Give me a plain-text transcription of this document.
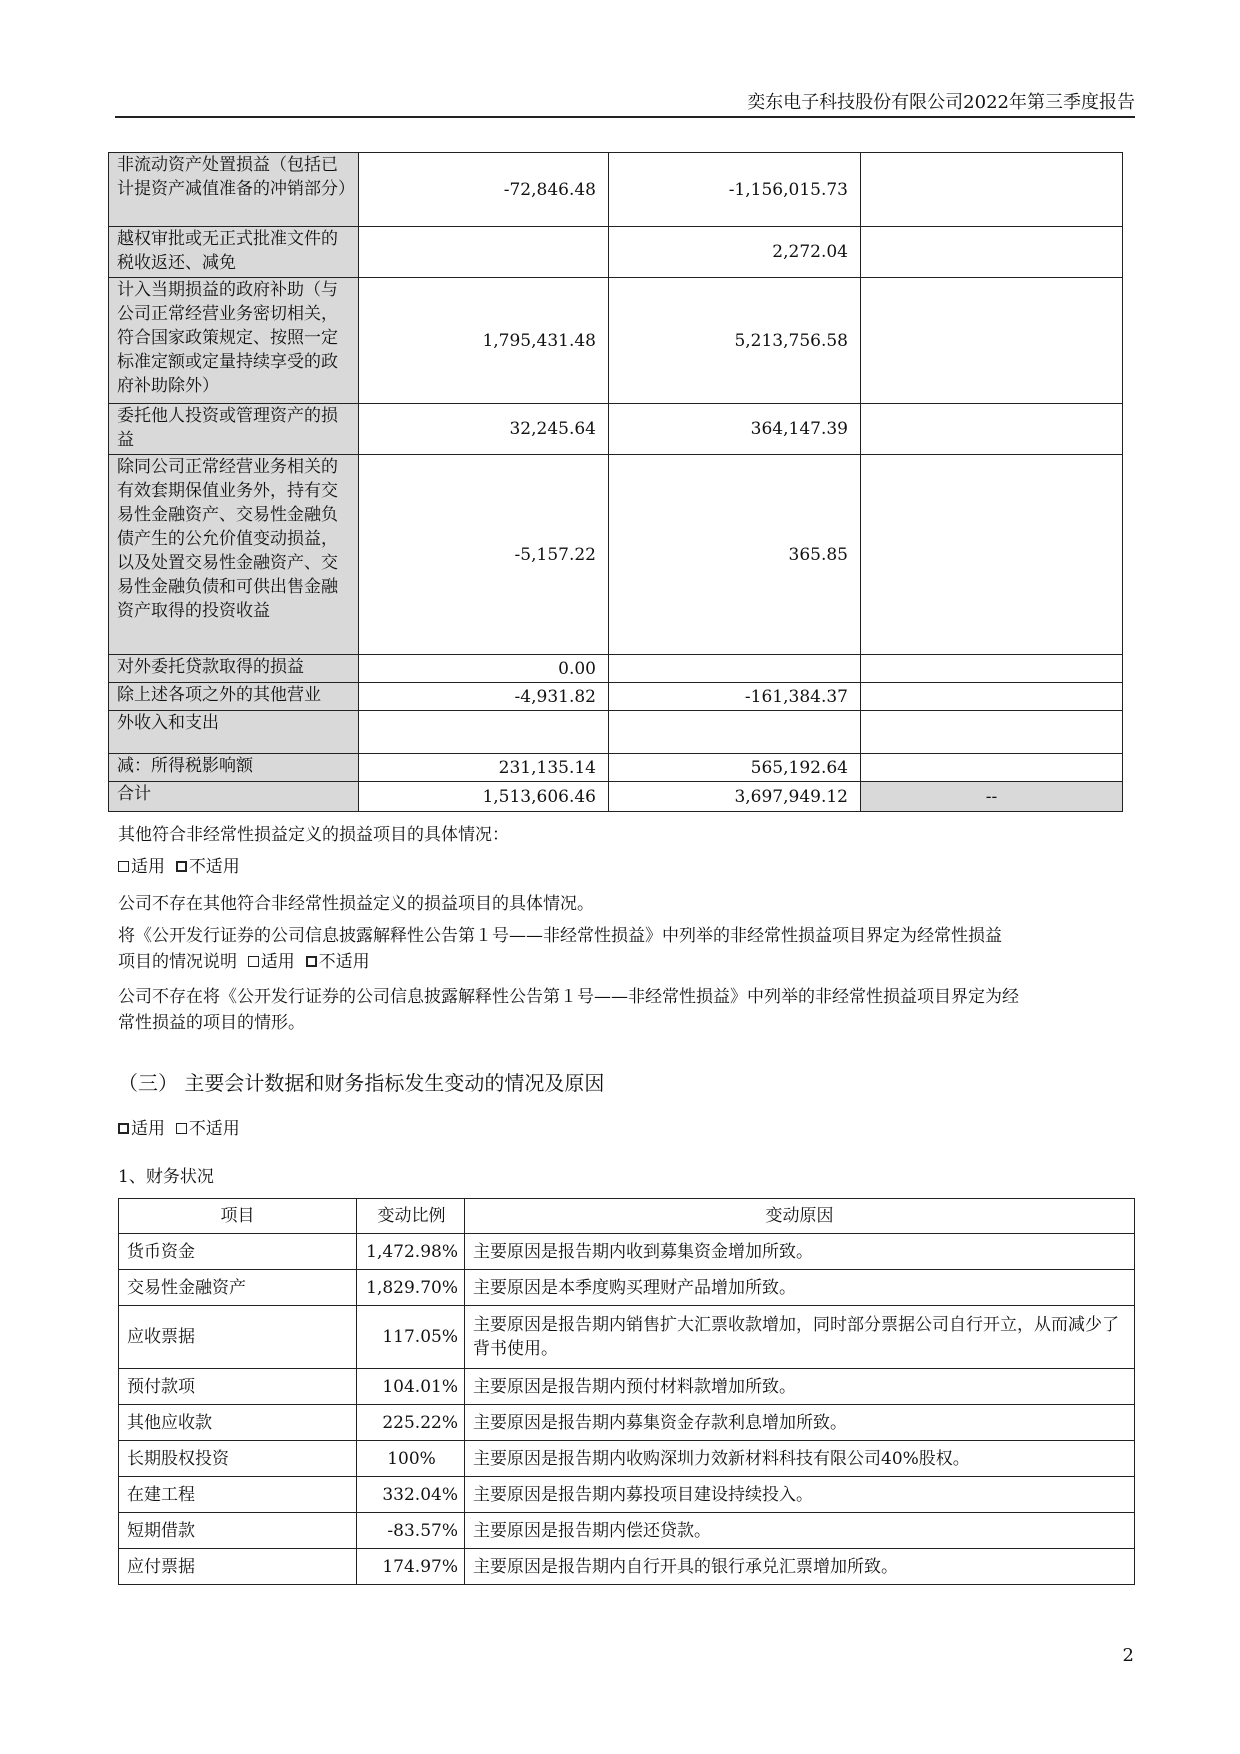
奕东电子科技股份有限公司2022年第三季度报告
非流动资产处置损益（包括已计提资产减值准备的冲销部分）	-72,846.48	-1,156,015.73	
越权审批或无正式批准文件的税收返还、减免		2,272.04	
计入当期损益的政府补助（与公司正常经营业务密切相关，符合国家政策规定、按照一定标准定额或定量持续享受的政府补助除外）	1,795,431.48	5,213,756.58	
委托他人投资或管理资产的损益	32,245.64	364,147.39	
除同公司正常经营业务相关的有效套期保值业务外，持有交易性金融资产、交易性金融负债产生的公允价值变动损益，以及处置交易性金融资产、交易性金融负债和可供出售金融资产取得的投资收益	-5,157.22	365.85	
对外委托贷款取得的损益	0.00		
除上述各项之外的其他营业	-4,931.82	-161,384.37	
外收入和支出			
减：所得税影响额	231,135.14	565,192.64	
合计	1,513,606.46	3,697,949.12	--
其他符合非经常性损益定义的损益项目的具体情况：
适用 不适用
公司不存在其他符合非经常性损益定义的损益项目的具体情况。
将《公开发行证券的公司信息披露解释性公告第１号——非经常性损益》中列举的非经常性损益项目界定为经常性损益
项目的情况说明 适用 不适用
公司不存在将《公开发行证券的公司信息披露解释性公告第１号——非经常性损益》中列举的非经常性损益项目界定为经
常性损益的项目的情形。
（三） 主要会计数据和财务指标发生变动的情况及原因
适用 不适用
1、财务状况
项目	变动比例	变动原因
货币资金	1,472.98%	主要原因是报告期内收到募集资金增加所致。
交易性金融资产	1,829.70%	主要原因是本季度购买理财产品增加所致。
应收票据	117.05%	主要原因是报告期内销售扩大汇票收款增加，同时部分票据公司自行开立，从而减少了背书使用。
预付款项	104.01%	主要原因是报告期内预付材料款增加所致。
其他应收款	225.22%	主要原因是报告期内募集资金存款利息增加所致。
长期股权投资	100%	主要原因是报告期内收购深圳力效新材料科技有限公司40%股权。
在建工程	332.04%	主要原因是报告期内募投项目建设持续投入。
短期借款	-83.57%	主要原因是报告期内偿还贷款。
应付票据	174.97%	主要原因是报告期内自行开具的银行承兑汇票增加所致。
2
